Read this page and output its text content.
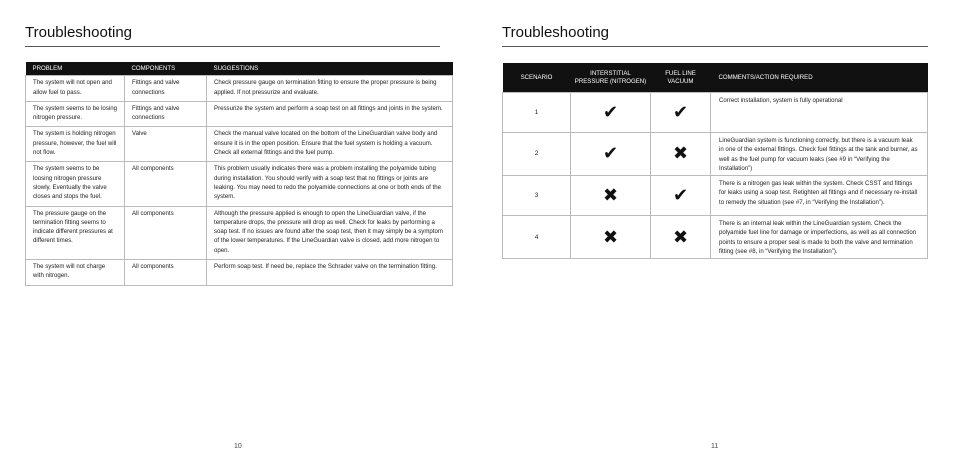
Troubleshooting
PROBLEM	COMPONENTS	SUGGESTIONS
The system will not open and allow fuel to pass.	Fittings and valve connections	Check pressure gauge on termination fitting to ensure the proper pressure is being applied. If not pressurize and evaluate.
The system seems to be losing nitrogen pressure.	Fittings and valve connections	Pressurize the system and perform a soap test on all fittings and joints in the system.
The system is holding nitrogen pressure, however, the fuel will not flow.	Valve	Check the manual valve located on the bottom of the LineGuardian valve body and ensure it is in the open position. Ensure that the fuel system is holding a vacuum. Check all external fittings and the fuel pump.
The system seems to be loosing nitrogen pressure slowly. Eventually the valve closes and stops the fuel.	All components	This problem usually indicates there was a problem installing the polyamide tubing during installation. You should verify with a soap test that no fittings or joints are leaking. You may need to redo the polyamide connections at one or both ends of the system.
The pressure gauge on the termination fitting seems to indicate different pressures at different times.	All components	Although the pressure applied is enough to open the LineGuardian valve, if the temperature drops, the pressure will drop as well. Check for leaks by performing a soap test. If no issues are found after the soap test, then it may simply be a symptom of the lower temperatures. If the LineGuardian valve is closed, add more nitrogen to open.
The system will not charge with nitrogen.	All components	Perform soap test. If need be, replace the Schrader valve on the termination fitting.
10
Troubleshooting
SCENARIO	INTERSTITIAL PRESSURE (NITROGEN)	FUEL LINE VACUUM	COMMENTS/ACTION REQUIRED
1	✔	✔	Correct installation, system is fully operational
2	✔	✖	LineGuardian system is functioning correctly, but there is a vacuum leak in one of the external fittings. Check fuel fittings at the tank and burner, as well as the fuel pump for vacuum leaks (see #9 in “Verifying the Installation”)
3	✖	✔	There is a nitrogen gas leak within the system. Check CSST and fittings for leaks using a soap test. Retighten all fittings and if necessary re-install to remedy the situation (see #7, in “Verifying the Installation”).
4	✖	✖	There is an internal leak within the LineGuardian system. Check the polyamide fuel line for damage or imperfections, as well as all connection points to ensure a proper seal is made to both the valve and termination fitting (see #8, in “Verifying the Installation”).
11
